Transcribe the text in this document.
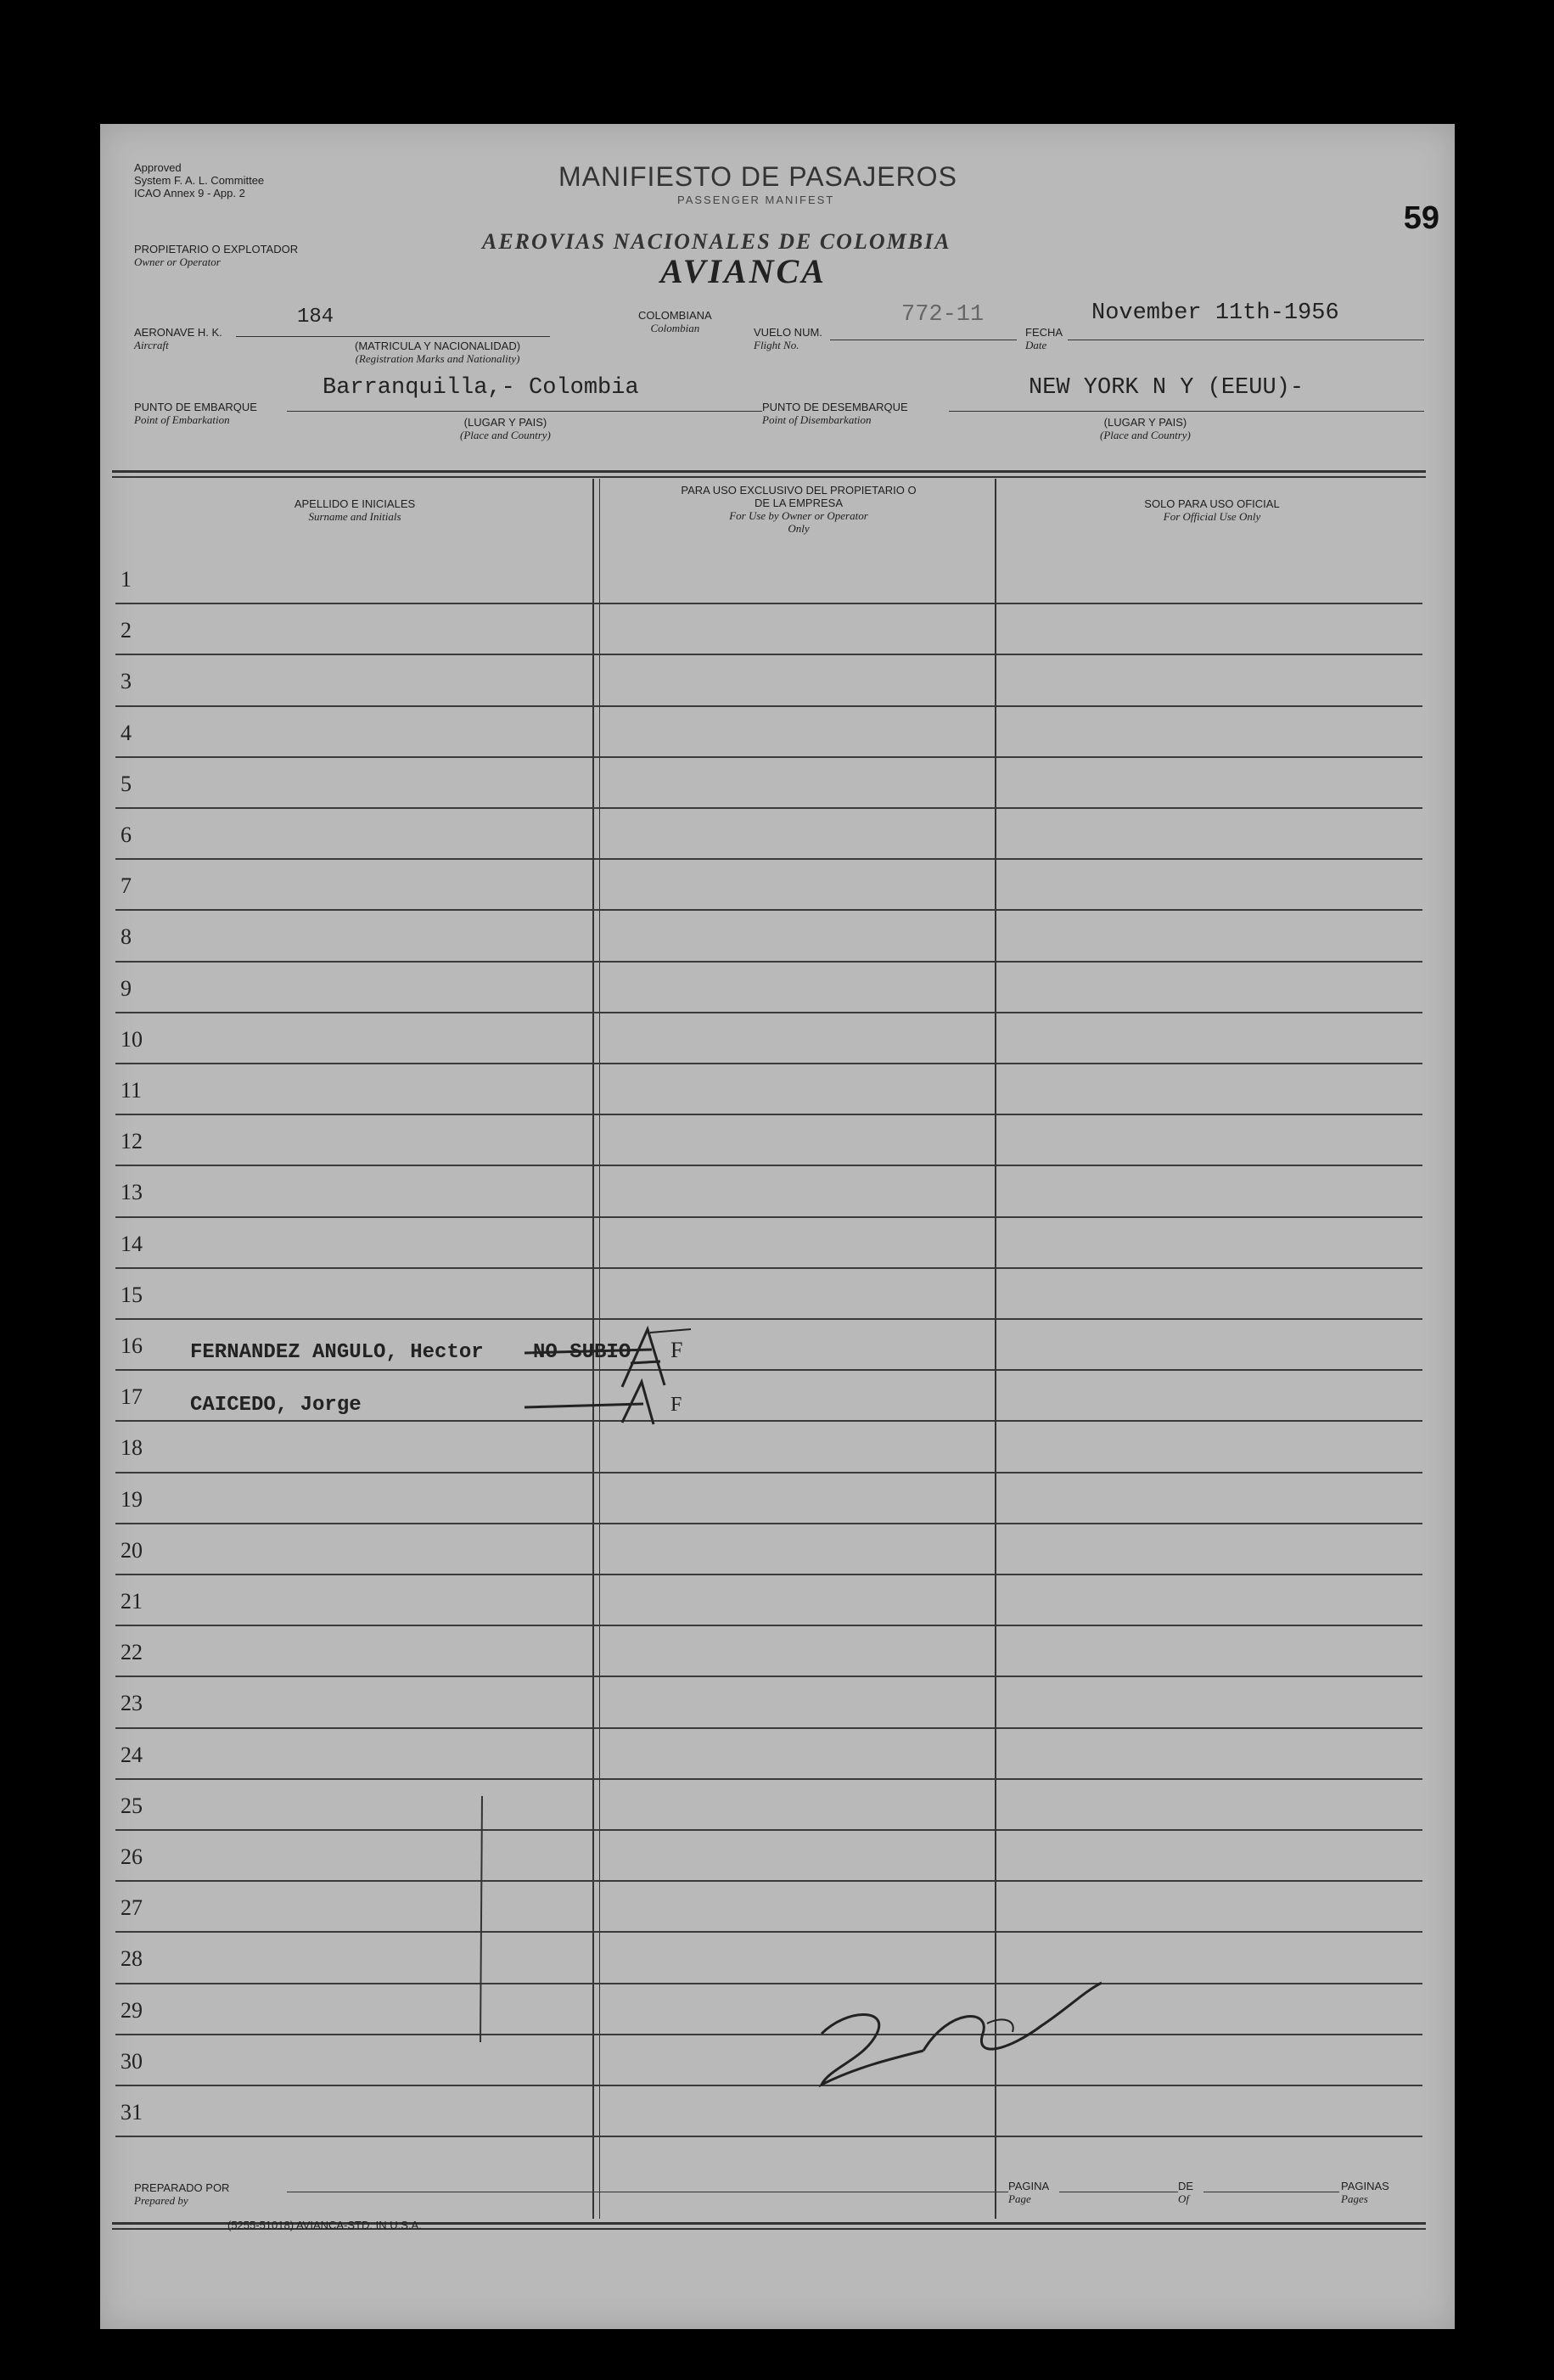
Approved
System F. A. L. Committee
ICAO Annex 9 - App. 2
MANIFIESTO DE PASAJEROS
PASSENGER MANIFEST
59
PROPIETARIO O EXPLOTADOR
Owner or Operator
AEROVIAS NACIONALES DE COLOMBIA
AVIANCA
AERONAVE H. K.
Aircraft
184
(MATRICULA Y NACIONALIDAD)
(Registration Marks and Nationality)
COLOMBIANA
Colombian	VUELO NUM.
Flight No.
772-11
FECHA
Date
November 11th-1956
PUNTO DE EMBARQUE
Point of Embarkation
Barranquilla,- Colombia
(LUGAR Y PAIS)
(Place and Country)
PUNTO DE DESEMBARQUE
Point of Disembarkation
NEW YORK N Y (EEUU)-
(LUGAR Y PAIS)
(Place and Country)
APELLIDO E INICIALES
Surname and Initials
PARA USO EXCLUSIVO DEL PROPIETARIO O DE LA EMPRESA
For Use by Owner or Operator Only
SOLO PARA USO OFICIAL
For Official Use Only
1
2
3
4
5
6
7
8
9
10
11
12
13
14
15
16
17
18
19
20
21
22
23
24
25
26
27
28
29
30
31
FERNANDEZ ANGULO, Hector NO SUBIO F
CAICEDO, Jorge	F
PREPARADO POR
Prepared by
(5255-51018) AVIANCA-STD. IN U.S.A.
PAGINA
Page
DE
Of
PAGINAS
Pages
